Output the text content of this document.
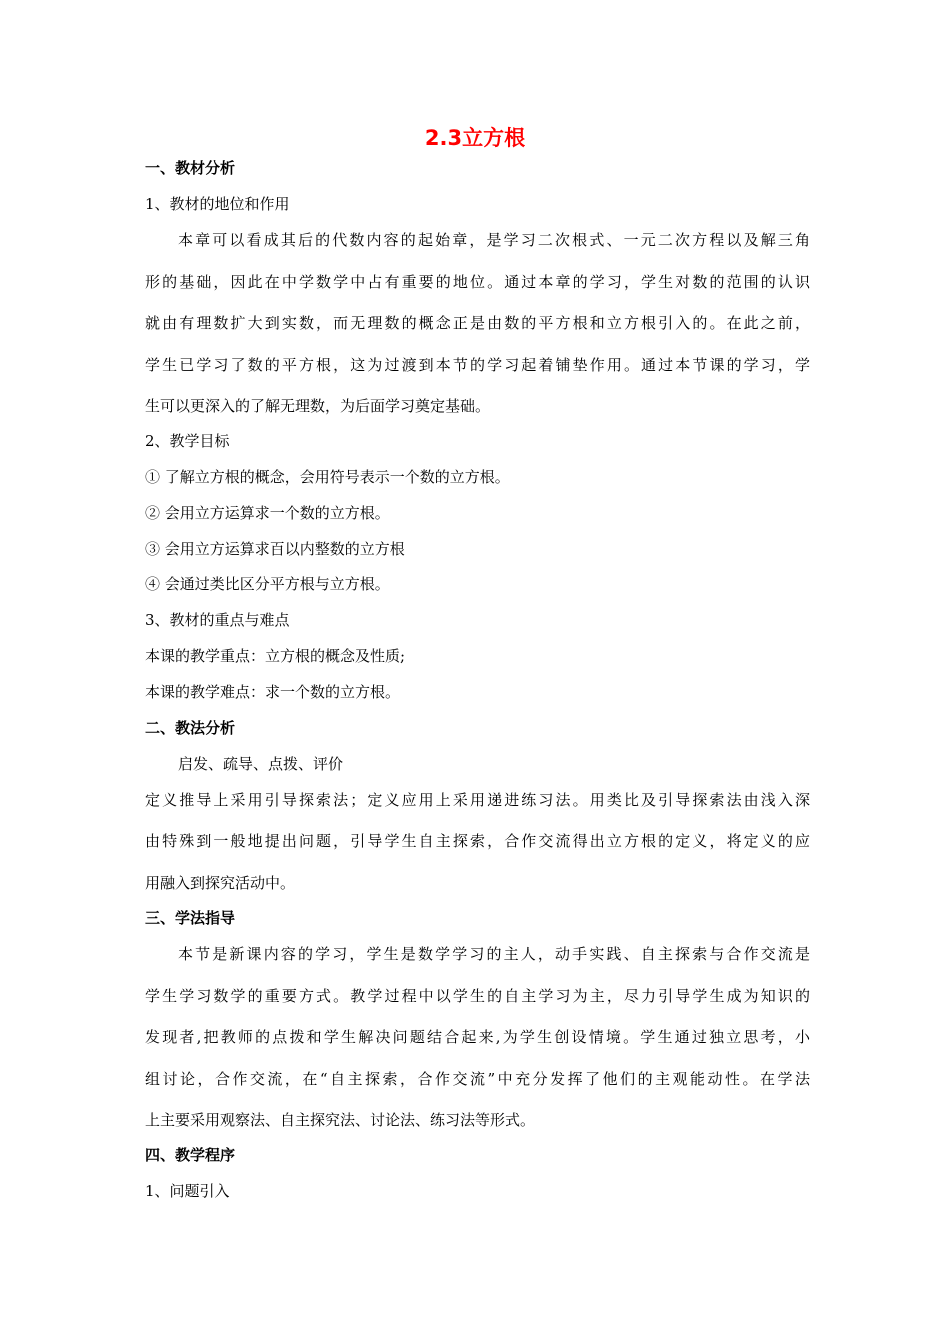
2.3立方根

一、教材分析

1、教材的地位和作用

本章可以看成其后的代数内容的起始章，是学习二次根式、一元二次方程以及解三角

形的基础，因此在中学数学中占有重要的地位。通过本章的学习，学生对数的范围的认识

就由有理数扩大到实数，而无理数的概念正是由数的平方根和立方根引入的。在此之前，

学生已学习了数的平方根，这为过渡到本节的学习起着铺垫作用。通过本节课的学习，学

生可以更深入的了解无理数，为后面学习奠定基础。

2、教学目标

① 了解立方根的概念，会用符号表示一个数的立方根。

② 会用立方运算求一个数的立方根。

③ 会用立方运算求百以内整数的立方根

④ 会通过类比区分平方根与立方根。

3、教材的重点与难点

本课的教学重点：立方根的概念及性质;

本课的教学难点：求一个数的立方根。

二、教法分析

启发、疏导、点拨、评价

定义推导上采用引导探索法；定义应用上采用递进练习法。用类比及引导探索法由浅入深

由特殊到一般地提出问题，引导学生自主探索，合作交流得出立方根的定义，将定义的应

用融入到探究活动中。

三、学法指导

本节是新课内容的学习，学生是数学学习的主人，动手实践、自主探索与合作交流是

学生学习数学的重要方式。教学过程中以学生的自主学习为主，尽力引导学生成为知识的

发现者,把教师的点拨和学生解决问题结合起来,为学生创设情境。学生通过独立思考，小

组讨论，合作交流，在“自主探索，合作交流”中充分发挥了他们的主观能动性。在学法

上主要采用观察法、自主探究法、讨论法、练习法等形式。

四、教学程序

1、问题引入
